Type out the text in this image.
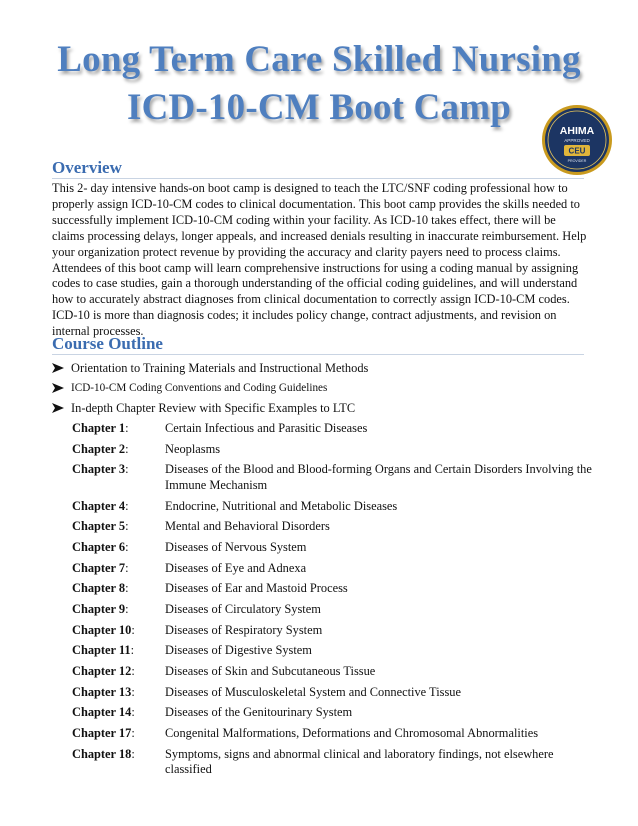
Long Term Care Skilled Nursing
ICD-10-CM Boot Camp
AHIMA
APPROVED
CEU
PROVIDER
Overview

This 2- day intensive hands-on boot camp is designed to teach the LTC/SNF coding professional how to properly assign ICD-10-CM codes to clinical documentation. This boot camp provides the skills needed to successfully implement ICD-10-CM coding within your facility. As ICD-10 takes effect, there will be claims processing delays, longer appeals, and increased denials resulting in inaccurate reimbursement. Help your organization protect revenue by providing the accuracy and clarity payers need to process claims. Attendees of this boot camp will learn comprehensive instructions for using a coding manual by assigning codes to case studies, gain a thorough understanding of the official coding guidelines, and will understand how to accurately abstract diagnoses from clinical documentation to correctly assign ICD-10-CM codes. ICD-10 is more than diagnosis codes; it includes policy change, contract adjustments, and revision on internal processes.

Course Outline
Orientation to Training Materials and Instructional Methods
ICD-10-CM Coding Conventions and Coding Guidelines
In-depth Chapter Review with Specific Examples to LTC
Chapter 1:	Certain Infectious and Parasitic Diseases
Chapter 2:	Neoplasms
Chapter 3:	Diseases of the Blood and Blood-forming Organs and Certain Disorders Involving the Immune Mechanism
Chapter 4:	Endocrine, Nutritional and Metabolic Diseases
Chapter 5:	Mental and Behavioral Disorders
Chapter 6:	Diseases of Nervous System
Chapter 7:	Diseases of Eye and Adnexa
Chapter 8:	Diseases of Ear and Mastoid Process
Chapter 9:	Diseases of Circulatory System
Chapter 10:	Diseases of Respiratory System
Chapter 11:	Diseases of Digestive System
Chapter 12:	Diseases of Skin and Subcutaneous Tissue
Chapter 13:	Diseases of Musculoskeletal System and Connective Tissue
Chapter 14:	Diseases of the Genitourinary System
Chapter 17:	Congenital Malformations, Deformations and Chromosomal Abnormalities
Chapter 18:	Symptoms, signs and abnormal clinical and laboratory findings, not elsewhere classified
